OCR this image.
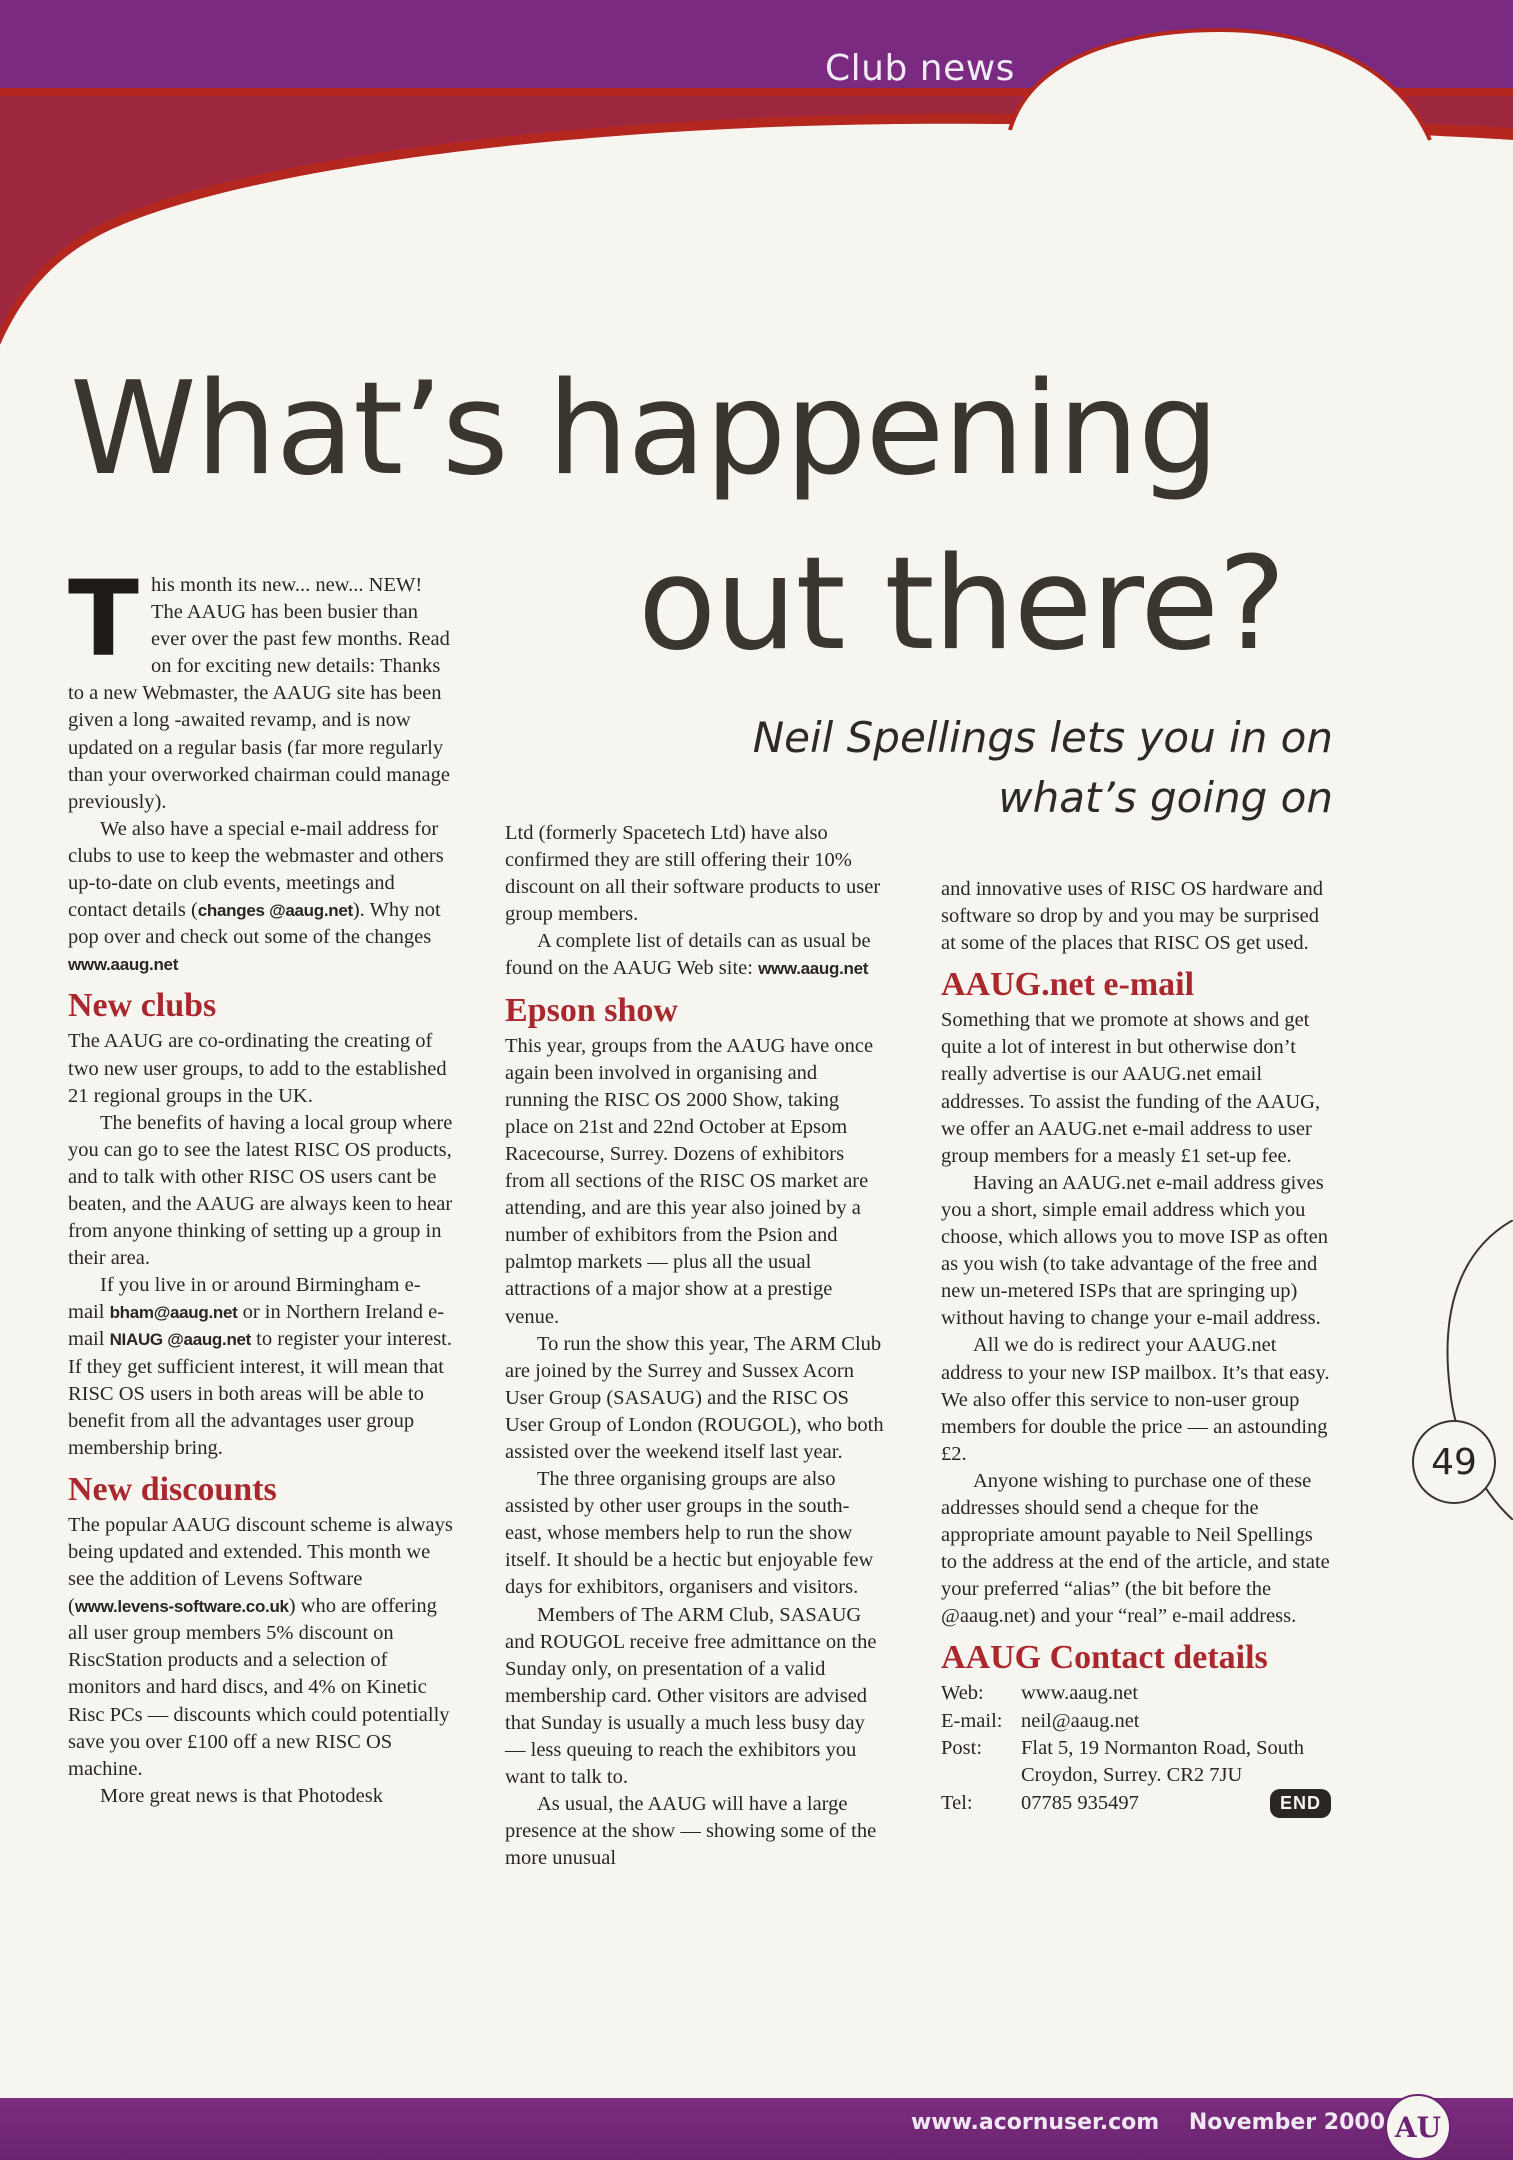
Club news
What’s happening
out there?
Neil Spellings lets you in on
what’s going on

This month its new... new... NEW! The AAUG has been busier than ever over the past few months. Read on for exciting new details: Thanks to a new Webmaster, the AAUG site has been given a long -awaited revamp, and is now updated on a regular basis (far more regularly than your overworked chairman could manage previously).

We also have a special e-mail address for clubs to use to keep the webmaster and others up-to-date on club events, meetings and contact details (changes @aaug.net). Why not pop over and check out some of the changes www.aaug.net

New clubs

The AAUG are co-ordinating the creating of two new user groups, to add to the established 21 regional groups in the UK.

The benefits of having a local group where you can go to see the latest RISC OS products, and to talk with other RISC OS users cant be beaten, and the AAUG are always keen to hear from anyone thinking of setting up a group in their area.

If you live in or around Birmingham e-mail bham@aaug.net or in Northern Ireland e-mail NIAUG @aaug.net to register your interest. If they get sufficient interest, it will mean that RISC OS users in both areas will be able to benefit from all the advantages user group membership bring.

New discounts

The popular AAUG discount scheme is always being updated and extended. This month we see the addition of Levens Software (www.levens-software.co.uk) who are offering all user group members 5% discount on RiscStation products and a selection of monitors and hard discs, and 4% on Kinetic Risc PCs — discounts which could potentially save you over £100 off a new RISC OS machine.

More great news is that Photodesk

Ltd (formerly Spacetech Ltd) have also confirmed they are still offering their 10% discount on all their software products to user group members.

A complete list of details can as usual be found on the AAUG Web site: www.aaug.net

Epson show

This year, groups from the AAUG have once again been involved in organising and running the RISC OS 2000 Show, taking place on 21st and 22nd October at Epsom Racecourse, Surrey. Dozens of exhibitors from all sections of the RISC OS market are attending, and are this year also joined by a number of exhibitors from the Psion and palmtop markets — plus all the usual attractions of a major show at a prestige venue.

To run the show this year, The ARM Club are joined by the Surrey and Sussex Acorn User Group (SASAUG) and the RISC OS User Group of London (ROUGOL), who both assisted over the weekend itself last year.

The three organising groups are also assisted by other user groups in the south-east, whose members help to run the show itself. It should be a hectic but enjoyable few days for exhibitors, organisers and visitors.

Members of The ARM Club, SASAUG and ROUGOL receive free admittance on the Sunday only, on presentation of a valid membership card. Other visitors are advised that Sunday is usually a much less busy day — less queuing to reach the exhibitors you want to talk to.

As usual, the AAUG will have a large presence at the show — showing some of the more unusual

and innovative uses of RISC OS hardware and software so drop by and you may be surprised at some of the places that RISC OS get used.

AAUG.net e-mail

Something that we promote at shows and get quite a lot of interest in but otherwise don’t really advertise is our AAUG.net email addresses. To assist the funding of the AAUG, we offer an AAUG.net e-mail address to user group members for a measly £1 set-up fee.

Having an AAUG.net e-mail address gives you a short, simple email address which you choose, which allows you to move ISP as often as you wish (to take advantage of the free and new un-metered ISPs that are springing up) without having to change your e-mail address.

All we do is redirect your AAUG.net address to your new ISP mailbox. It’s that easy. We also offer this service to non-user group members for double the price — an astounding £2.

Anyone wishing to purchase one of these addresses should send a cheque for the appropriate amount payable to Neil Spellings to the address at the end of the article, and state your preferred “alias” (the bit before the @aaug.net) and your “real” e-mail address.

AAUG Contact details
Web:	www.aaug.net
E-mail: neil@aaug.net
Post:	Flat 5, 19 Normanton Road, South Croydon, Surrey. CR2 7JU
Tel:	07785 935497	END
49
www.acornuser.com November 2000 AU
